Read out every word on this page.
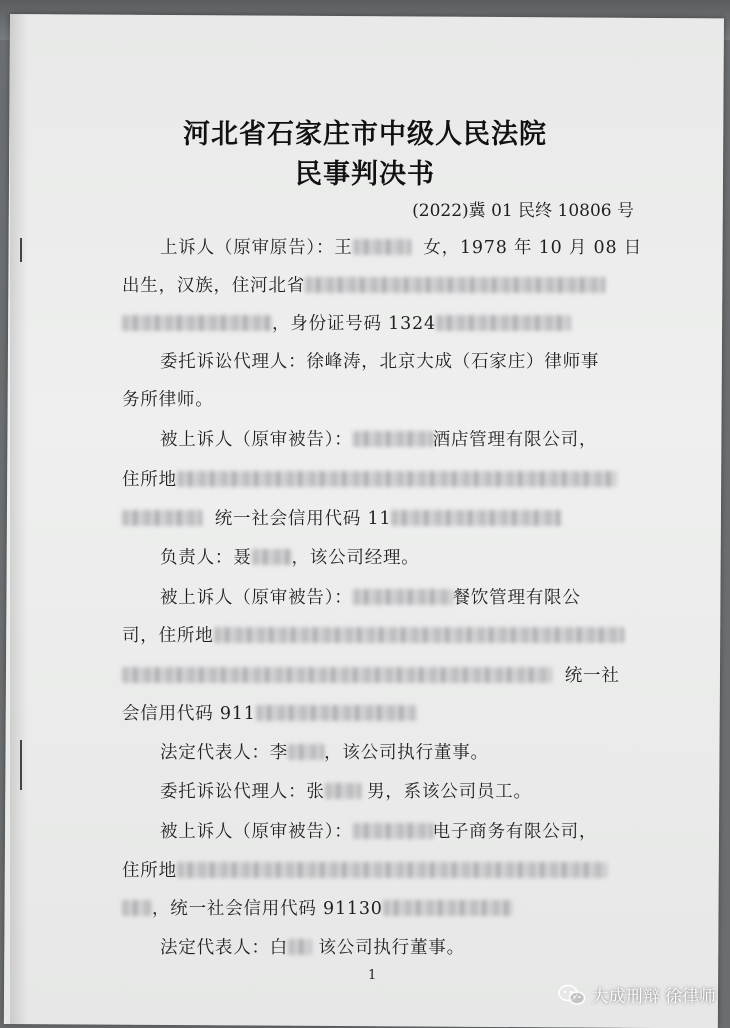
河北省石家庄市中级人民法院
民事判决书
(2022)冀 01 民终 10806 号
上诉人（原审原告）：王	女，1978 年 10 月 08 日
出生，汉族，住河北省
，身份证号码 1324
委托诉讼代理人：徐峰涛，北京大成（石家庄）律师事
务所律师。
被上诉人（原审被告）：	酒店管理有限公司，
住所地
统一社会信用代码 11
负责人：聂 ，该公司经理。
被上诉人（原审被告）：	餐饮管理有限公
司，住所地
统一社
会信用代码 911
法定代表人：李 ，该公司执行董事。
委托诉讼代理人：张 男，系该公司员工。
被上诉人（原审被告）：	电子商务有限公司，
住所地
，统一社会信用代码 91130
法定代表人：白 该公司执行董事。
1
大成刑辩 徐律师
